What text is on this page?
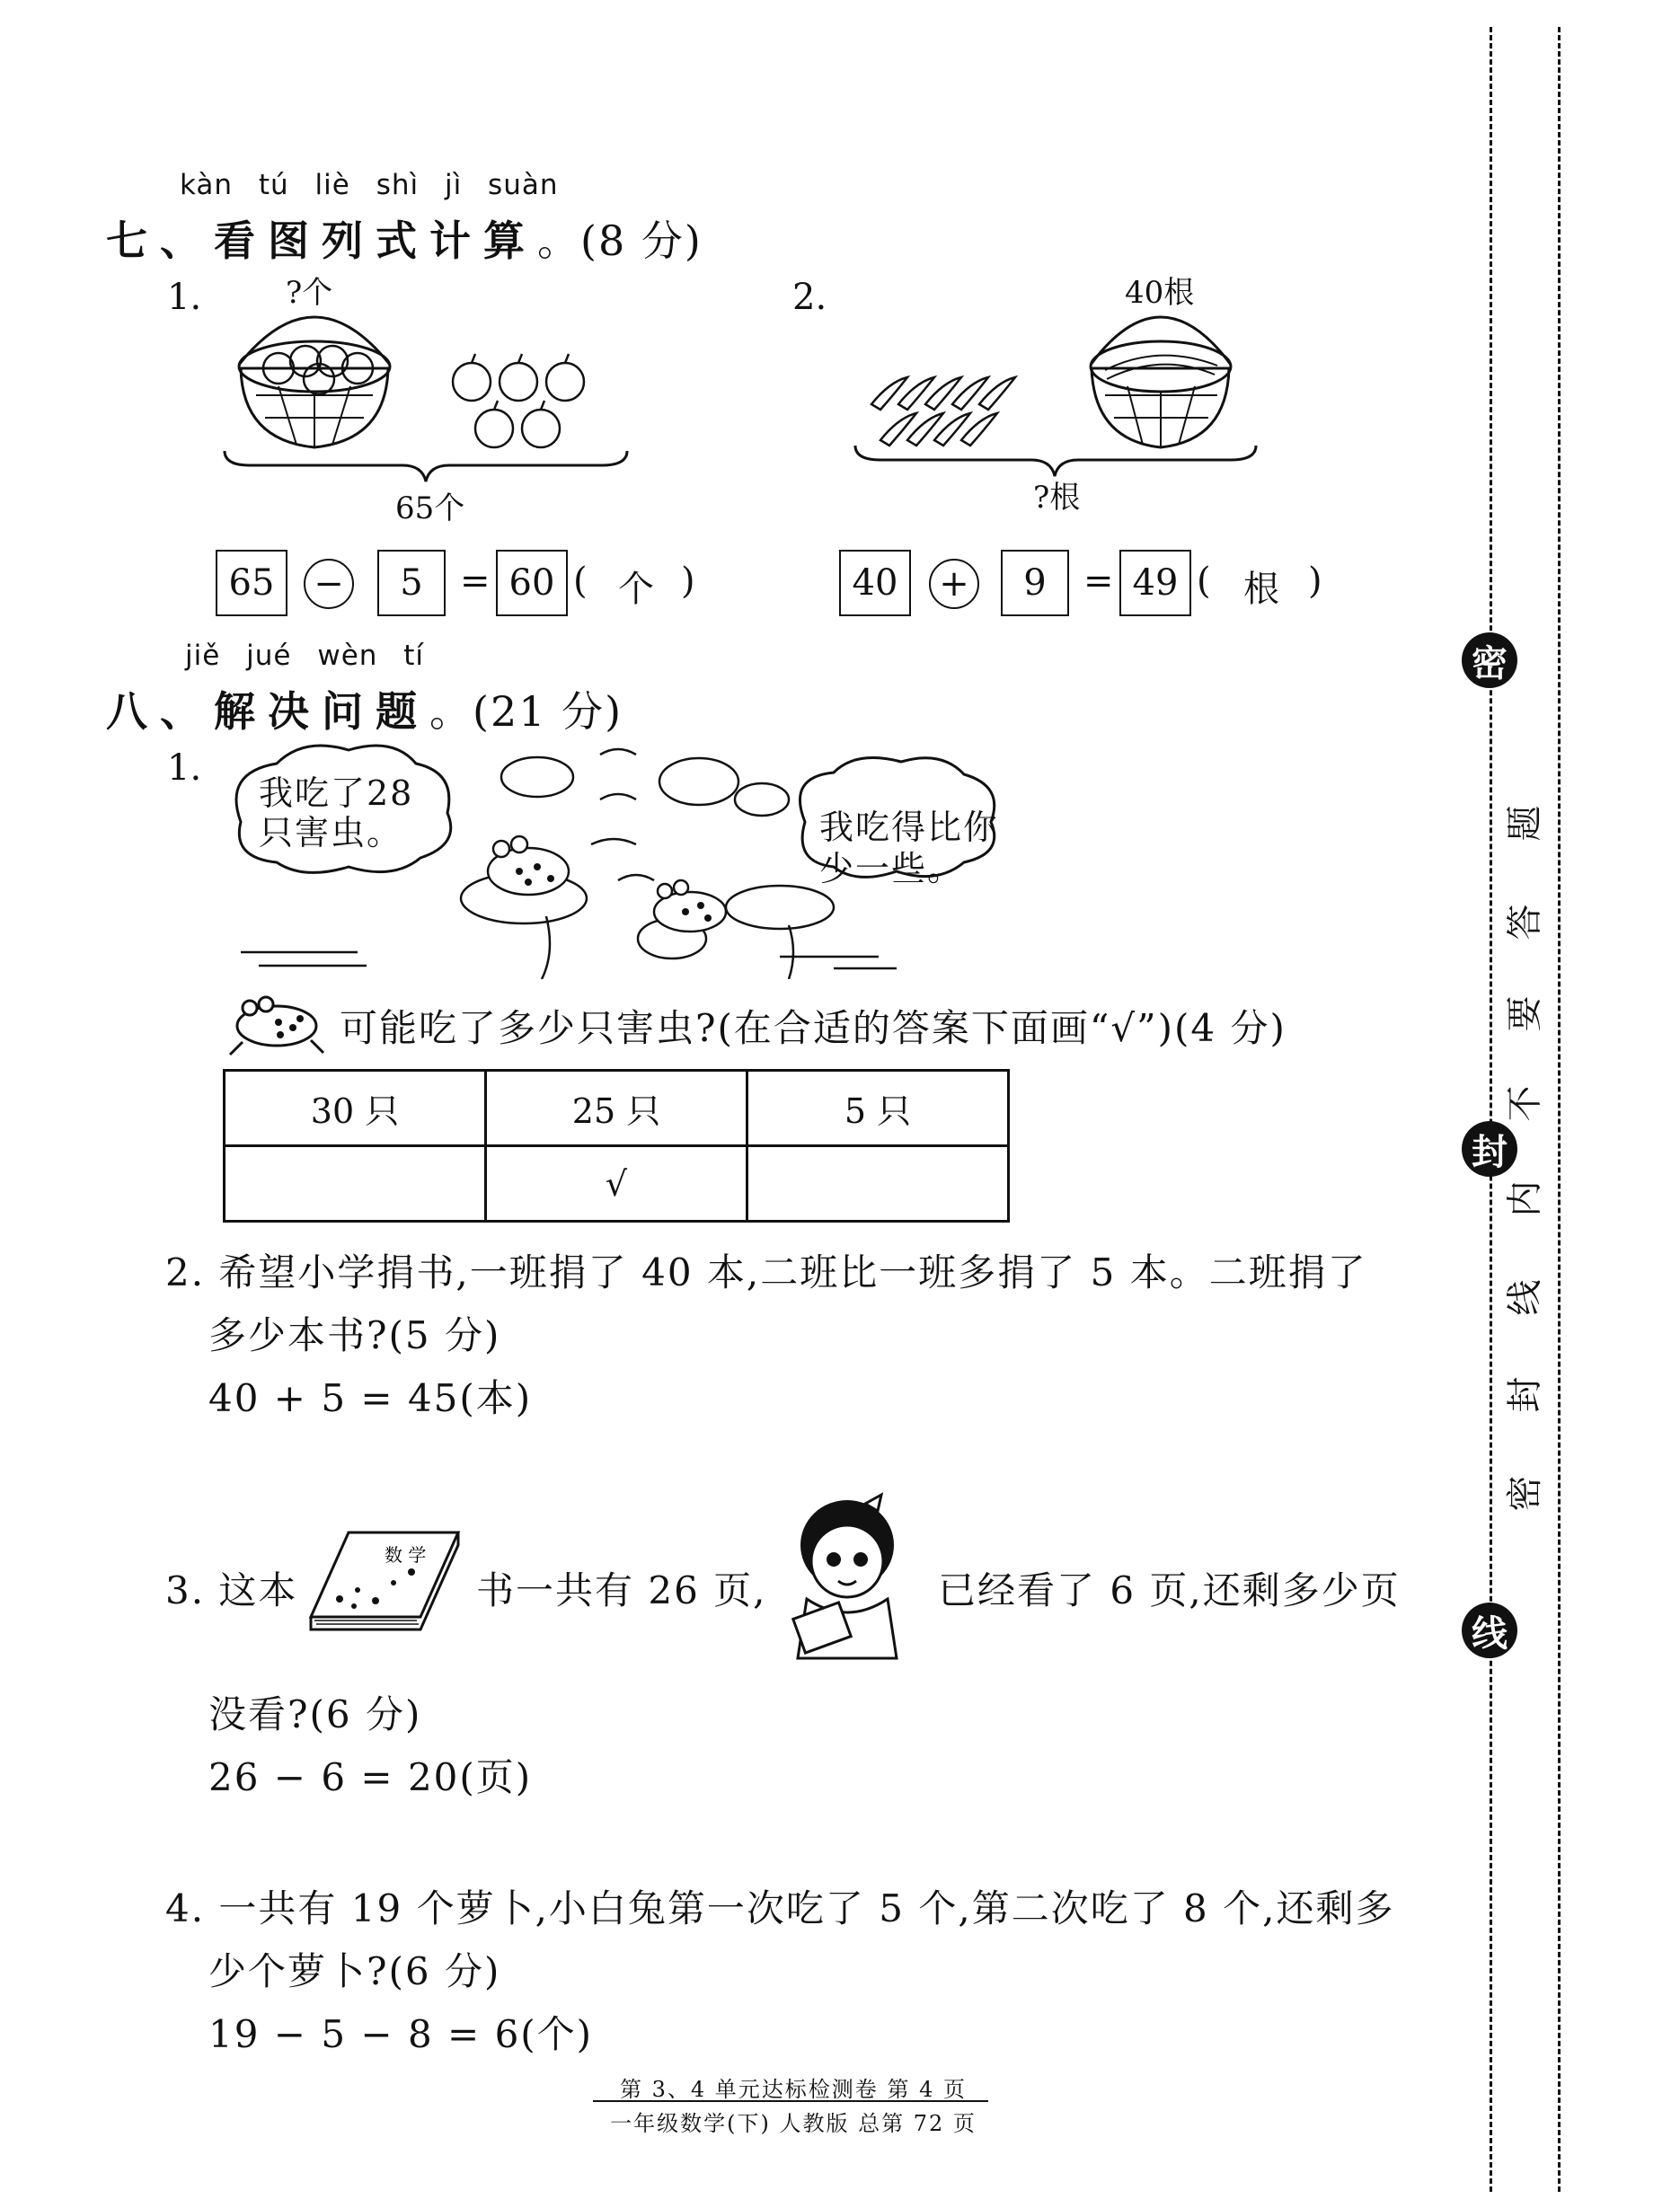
kàn tú liè shì jì suàn
七、看图列式计算。(8 分)
1.	?个
65个
65	−	5	= 60 ( 个 )
2.	40根
?根
40	+	9	= 49 ( 根 )
jiě jué wèn tí
八、解决问题。(21 分)
1.
我吃了28
只害虫。	我吃得比你
少一些。
可能吃了多少只害虫?(在合适的答案下面画“√”)(4 分)
30 只	25 只	5 只
	√	
2. 希望小学捐书,一班捐了 40 本,二班比一班多捐了 5 本。二班捐了
多少本书?(5 分)
40 + 5 = 45(本)
3. 这本
数 学
书一共有 26 页,	已经看了 6 页,还剩多少页
没看?(6 分)
26 − 6 = 20(页)
4. 一共有 19 个萝卜,小白兔第一次吃了 5 个,第二次吃了 8 个,还剩多
少个萝卜?(6 分)
19 − 5 − 8 = 6(个)
第 3、4 单元达标检测卷 第 4 页
一年级数学(下) 人教版 总第 72 页
密
封
线
题
答
要
不
内
线
封
密
